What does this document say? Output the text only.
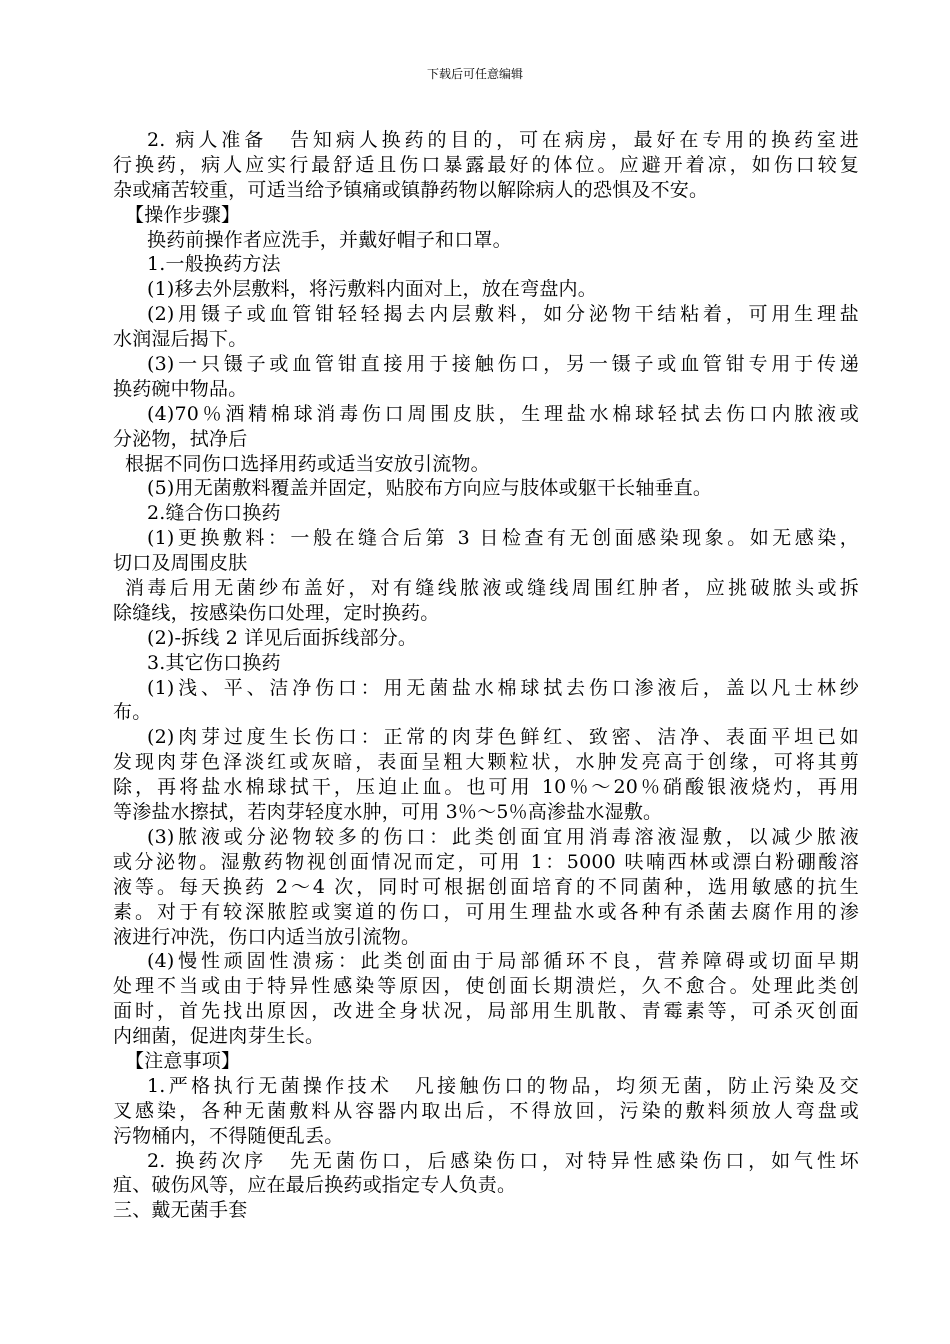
下载后可任意编辑
2. 病人准备　告知病人换药的目的，可在病房，最好在专用的换药室进
行换药，病人应实行最舒适且伤口暴露最好的体位。应避开着凉，如伤口较复
杂或痛苦较重，可适当给予镇痛或镇静药物以解除病人的恐惧及不安。
【操作步骤】
换药前操作者应洗手，并戴好帽子和口罩。
1.一般换药方法
(1)移去外层敷料，将污敷料内面对上，放在弯盘内。
(2)用镊子或血管钳轻轻揭去内层敷料，如分泌物干结粘着，可用生理盐
水润湿后揭下。
(3)一只镊子或血管钳直接用于接触伤口，另一镊子或血管钳专用于传递
换药碗中物品。
(4)70％酒精棉球消毒伤口周围皮肤，生理盐水棉球轻拭去伤口内脓液或
分泌物，拭净后
根据不同伤口选择用药或适当安放引流物。
(5)用无菌敷料覆盖并固定，贴胶布方向应与肢体或躯干长轴垂直。
2.缝合伤口换药
(1)更换敷料：一般在缝合后第 3 日检查有无创面感染现象。如无感染，
切口及周围皮肤
消毒后用无菌纱布盖好，对有缝线脓液或缝线周围红肿者，应挑破脓头或拆
除缝线，按感染伤口处理，定时换药。
(2)-拆线 2 详见后面拆线部分。
3.其它伤口换药
(1)浅、平、洁净伤口：用无菌盐水棉球拭去伤口渗液后，盖以凡士林纱
布。
(2)肉芽过度生长伤口：正常的肉芽色鲜红、致密、洁净、表面平坦已如
发现肉芽色泽淡红或灰暗，表面呈粗大颗粒状，水肿发亮高于创缘，可将其剪
除，再将盐水棉球拭干，压迫止血。也可用 10％～20％硝酸银液烧灼，再用
等渗盐水擦拭，若肉芽轻度水肿，可用 3％～5％高渗盐水湿敷。
(3)脓液或分泌物较多的伤口：此类创面宜用消毒溶液湿敷，以减少脓液
或分泌物。湿敷药物视创面情况而定，可用 1：5000 呋喃西林或漂白粉硼酸溶
液等。每天换药 2～4 次，同时可根据创面培育的不同菌种，选用敏感的抗生
素。对于有较深脓腔或窦道的伤口，可用生理盐水或各种有杀菌去腐作用的渗
液进行冲洗，伤口内适当放引流物。
(4)慢性顽固性溃疡：此类创面由于局部循环不良，营养障碍或切面早期
处理不当或由于特异性感染等原因，使创面长期溃烂，久不愈合。处理此类创
面时，首先找出原因，改进全身状况，局部用生肌散、青霉素等，可杀灭创面
内细菌，促进肉芽生长。
【注意事项】
1.严格执行无菌操作技术　凡接触伤口的物品，均须无菌，防止污染及交
叉感染，各种无菌敷料从容器内取出后，不得放回，污染的敷料须放人弯盘或
污物桶内，不得随便乱丢。
2. 换药次序　先无菌伤口，后感染伤口，对特异性感染伤口，如气性坏
疽、破伤风等，应在最后换药或指定专人负责。
三、戴无菌手套
